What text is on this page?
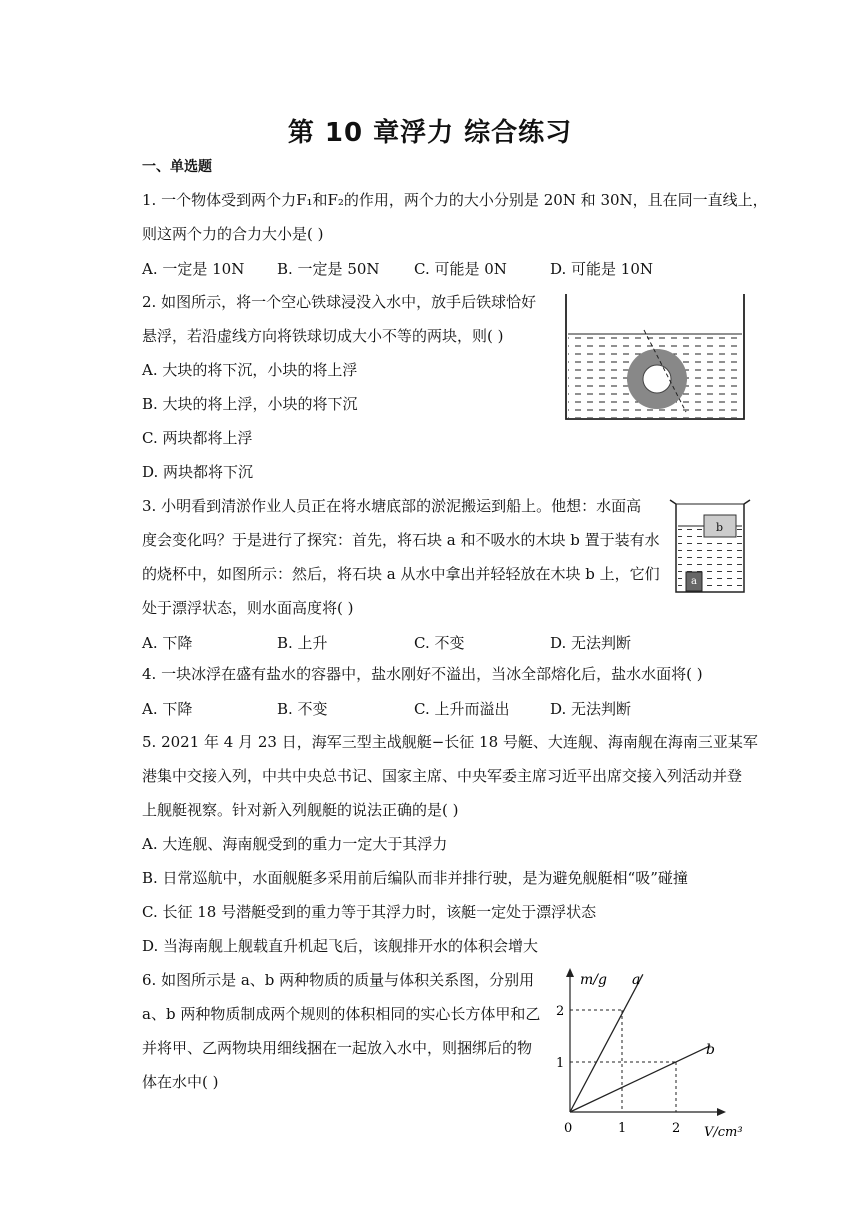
第 10 章浮力 综合练习
一、单选题
1. 一个物体受到两个力F₁和F₂的作用，两个力的大小分别是 20N 和 30N，且在同一直线上，
则这两个力的合力大小是( )
A. 一定是 10N B. 一定是 50N C. 可能是 0N	D. 可能是 10N
2. 如图所示，将一个空心铁球浸没入水中，放手后铁球恰好
悬浮，若沿虚线方向将铁球切成大小不等的两块，则( )
A. 大块的将下沉，小块的将上浮
B. 大块的将上浮，小块的将下沉
C. 两块都将上浮
D. 两块都将下沉
3. 小明看到清淤作业人员正在将水塘底部的淤泥搬运到船上。他想：水面高
度会变化吗？于是进行了探究：首先，将石块 a 和不吸水的木块 b 置于装有水
的烧杯中，如图所示：然后，将石块 a 从水中拿出并轻轻放在木块 b 上，它们
处于漂浮状态，则水面高度将( )
A. 下降	B. 上升	C. 不变	D. 无法判断
b
a
4. 一块冰浮在盛有盐水的容器中，盐水刚好不溢出，当冰全部熔化后，盐水水面将( )
A. 下降	B. 不变	C. 上升而溢出	D. 无法判断
5. 2021 年 4 月 23 日，海军三型主战舰艇−长征 18 号艇、大连舰、海南舰在海南三亚某军
港集中交接入列，中共中央总书记、国家主席、中央军委主席习近平出席交接入列活动并登
上舰艇视察。针对新入列舰艇的说法正确的是( )
A. 大连舰、海南舰受到的重力一定大于其浮力
B. 日常巡航中，水面舰艇多采用前后编队而非并排行驶，是为避免舰艇相“吸”碰撞
C. 长征 18 号潜艇受到的重力等于其浮力时，该艇一定处于漂浮状态
D. 当海南舰上舰载直升机起飞后，该舰排开水的体积会增大
6. 如图所示是 a、b 两种物质的质量与体积关系图，分别用
a、b 两种物质制成两个规则的体积相同的实心长方体甲和乙
并将甲、乙两物块用细线捆在一起放入水中，则捆绑后的物
体在水中( )
a
b
2
1
0	1	2
m/g
V/cm³
